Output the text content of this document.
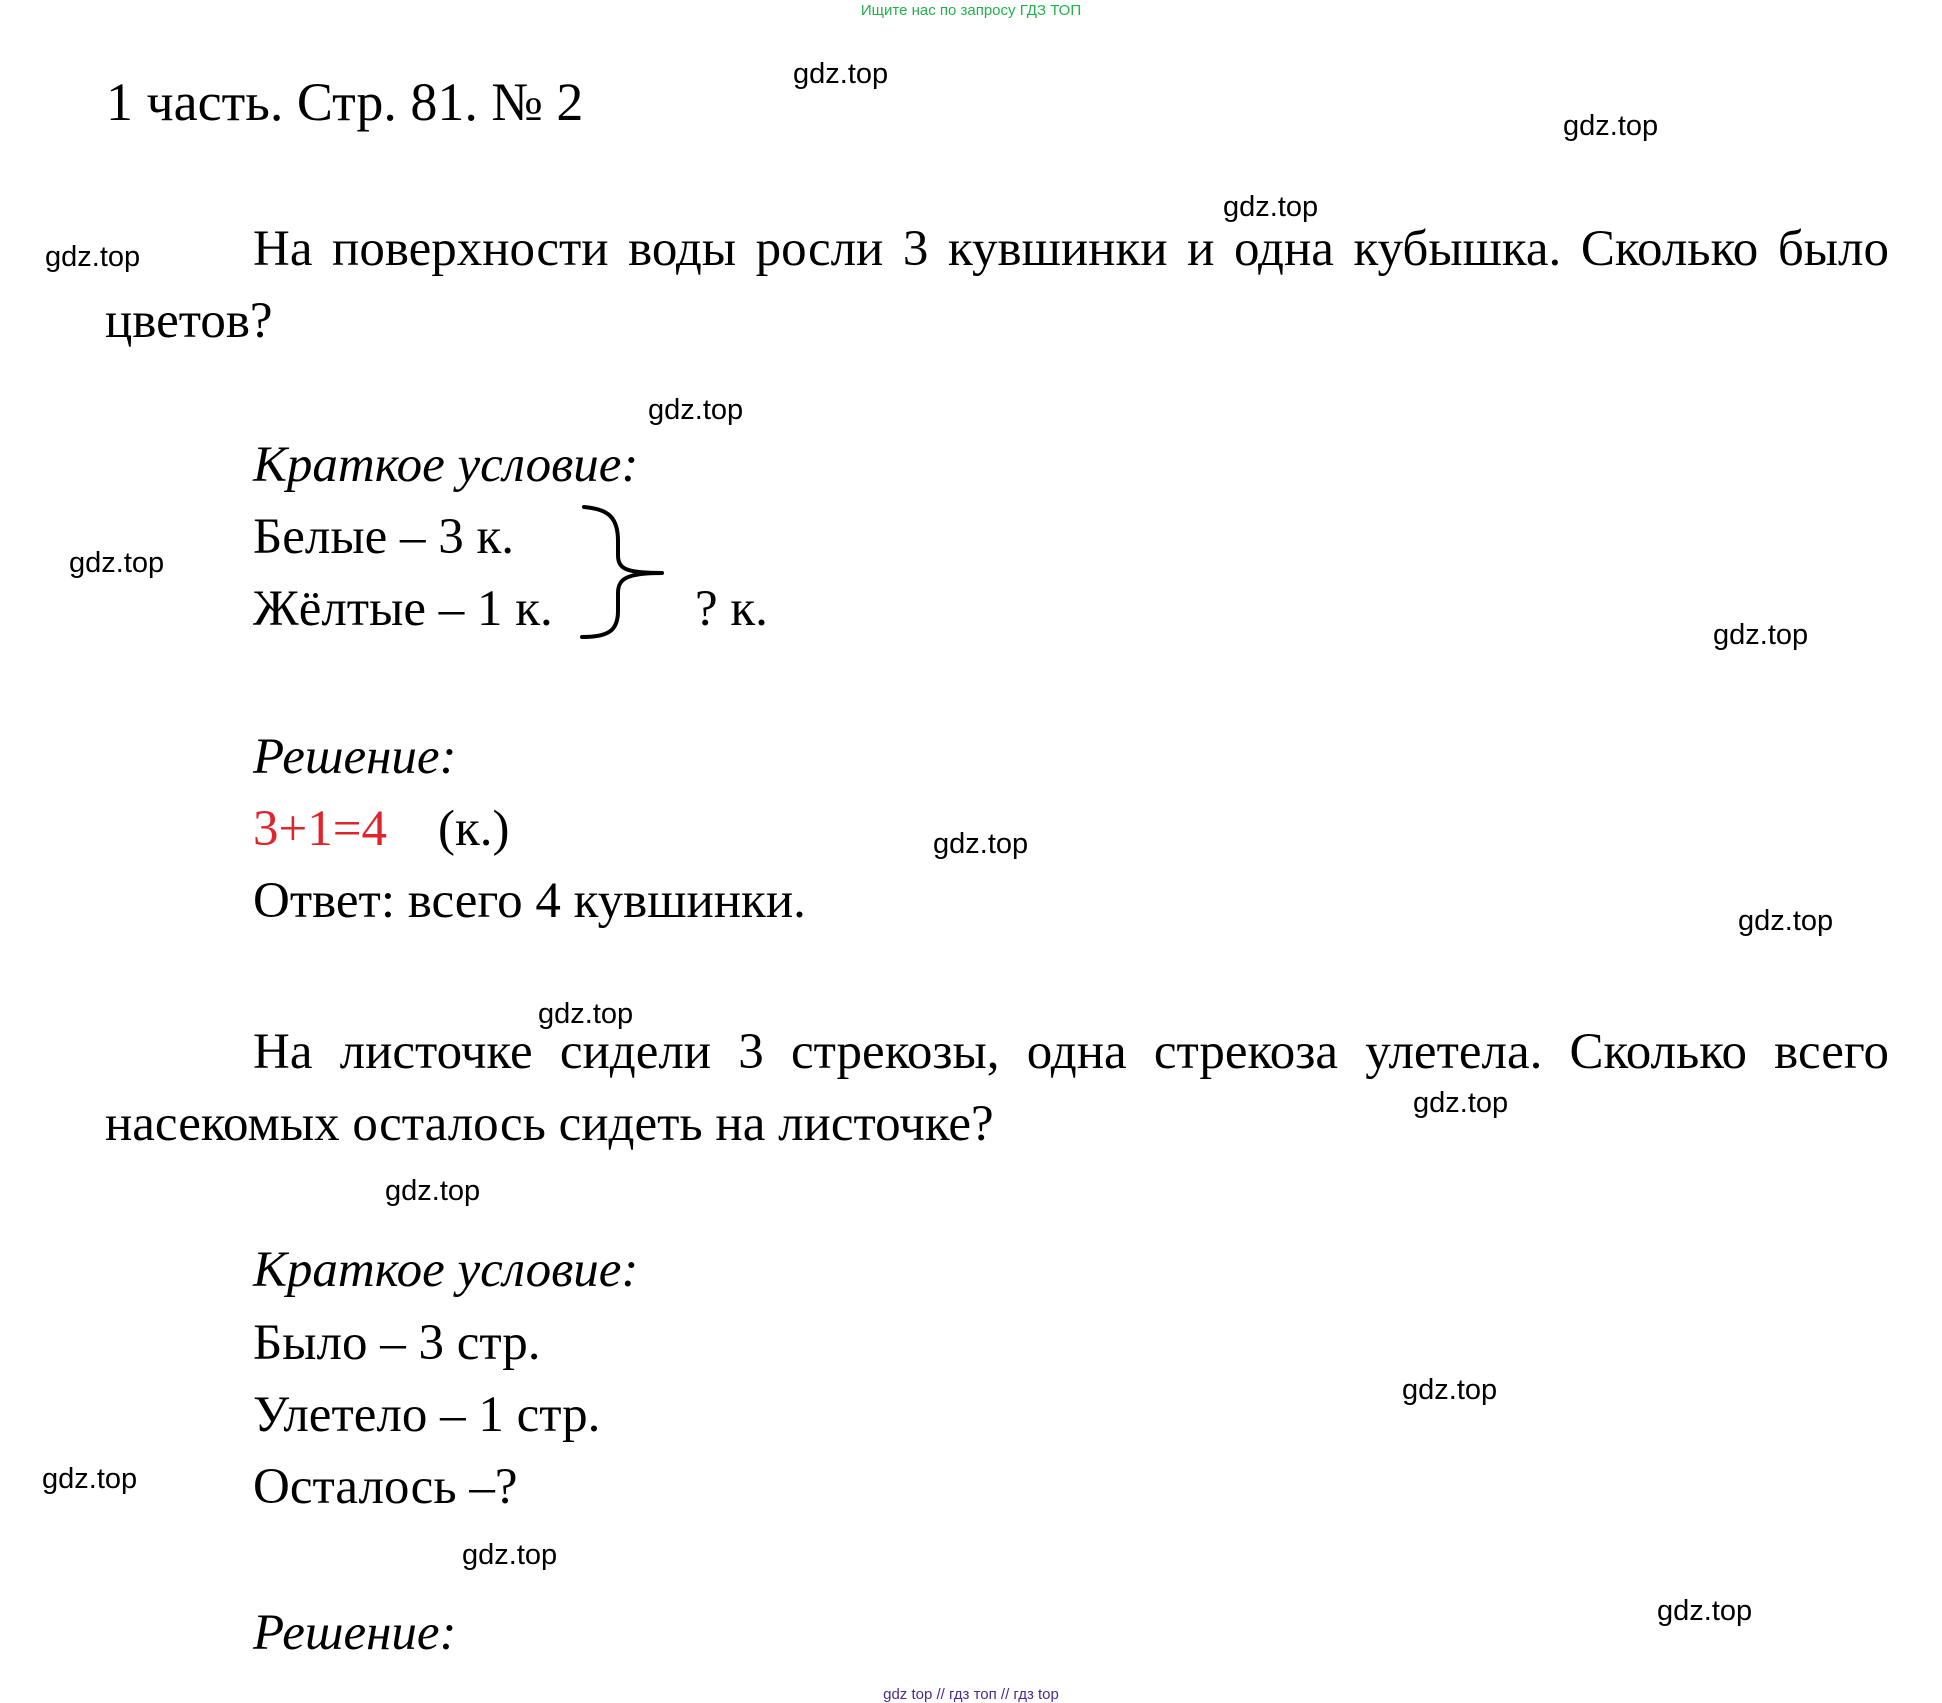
Ищите нас по запросу ГДЗ ТОП
1 часть. Стр. 81. № 2

На поверхности воды росли 3 кувшинки и одна кубышка. Сколько было цветов?

Краткое условие:
Белые – 3 к.
Жёлтые – 1 к.	? к.
Решение:
3+1=4 (к.)
Ответ: всего 4 кувшинки.

На листочке сидели 3 стрекозы, одна стрекоза улетела. Сколько всего насекомых осталось сидеть на листочке?

Краткое условие:
Было – 3 стр.
Улетело – 1 стр.
Осталось –?
Решение:
gdz.top
gdz.top
gdz.top
gdz.top
gdz.top
gdz.top
gdz.top
gdz.top
gdz.top
gdz.top
gdz.top
gdz.top
gdz.top
gdz.top
gdz.top
gdz.top
gdz top // гдз топ // гдз top
